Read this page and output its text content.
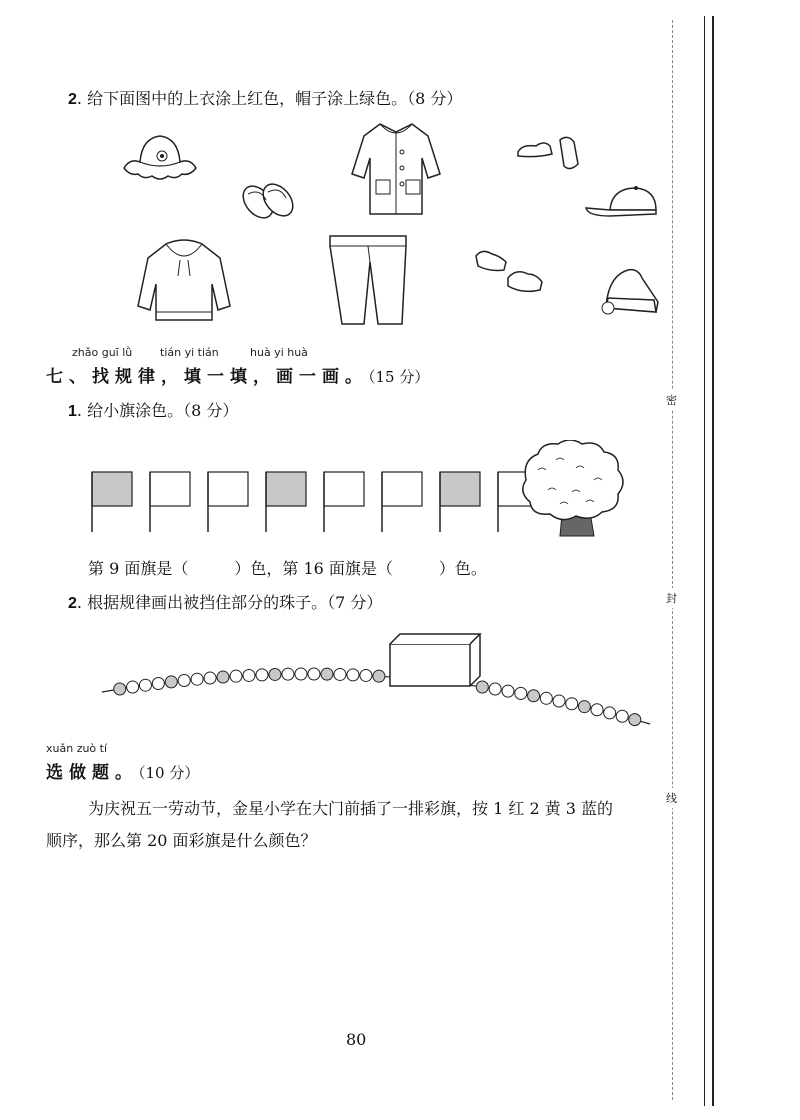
2. 给下面图中的上衣涂上红色，帽子涂上绿色。（8 分）
zhǎo guī lǜ	tián yi tián	huà yi huà
七、找规律，填一填，画一画。（15 分）
1. 给小旗涂色。（8 分）
第 9 面旗是（	）色，第 16 面旗是（	）色。
2. 根据规律画出被挡住部分的珠子。（7 分）
xuǎn zuò tí
选做题。（10 分）
为庆祝五一劳动节，金星小学在大门前插了一排彩旗，按 1 红 2 黄 3 蓝的
顺序，那么第 20 面彩旗是什么颜色？
80
密
封
线
